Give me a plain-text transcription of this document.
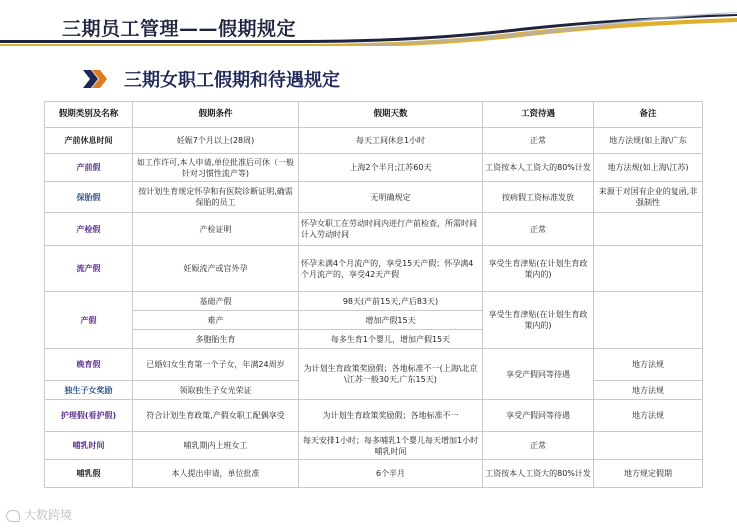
三期员工管理——假期规定
三期女职工假期和待遇规定
假期类别及名称	假期条件	假期天数	工资待遇	备注
产前休息时间	妊娠7个月以上(28周)	每天工间休息1小时	正常	地方法规(如上海\广东
产前假	如工作许可,本人申请,单位批准后可休（一般针对习惯性流产等)	上海2个半月;江苏60天	工资按本人工资大的80%计发	地方法规(如上海\江苏)
保胎假	按计划生育规定怀孕和有医院诊断证明,确需保胎的员工	无明确规定	按病假工资标准发放	来源于对国有企业的复函,非强制性
产检假	产检证明	怀孕女职工在劳动时间内进行产前检查，所需时间计入劳动时间	正常	
流产假	妊娠流产或宫外孕	怀孕未满4个月流产的，享受15天产假；怀孕满4个月流产的，享受42天产假	享受生育津贴(在计划生育政策内的)	
产假	基础产假	98天(产前15天,产后83天)	享受生育津贴(在计划生育政策内的)	
	难产	增加产假15天		
	多胞胎生育	每多生育1个婴儿，增加产假15天		
晚育假	已婚妇女生育第一个子女，年满24周岁	为计划生育政策奖励假；各地标准不一(上海\北京\江苏一般30天,广东15天)	享受产假同等待遇	地方法规
独生子女奖励	领取独生子女光荣证			地方法规
护理假(看护假)	符合计划生育政策,产假女职工配偶享受	为计划生育政策奖励假；各地标准不一	享受产假同等待遇	地方法规
哺乳时间	哺乳期内上班女工	每天安排1小时；每多哺乳1个婴儿每天增加1小时哺乳时间	正常	
哺乳假	本人提出申请，单位批准	6个半月	工资按本人工资大的80%计发	地方规定假期
大数跨境
